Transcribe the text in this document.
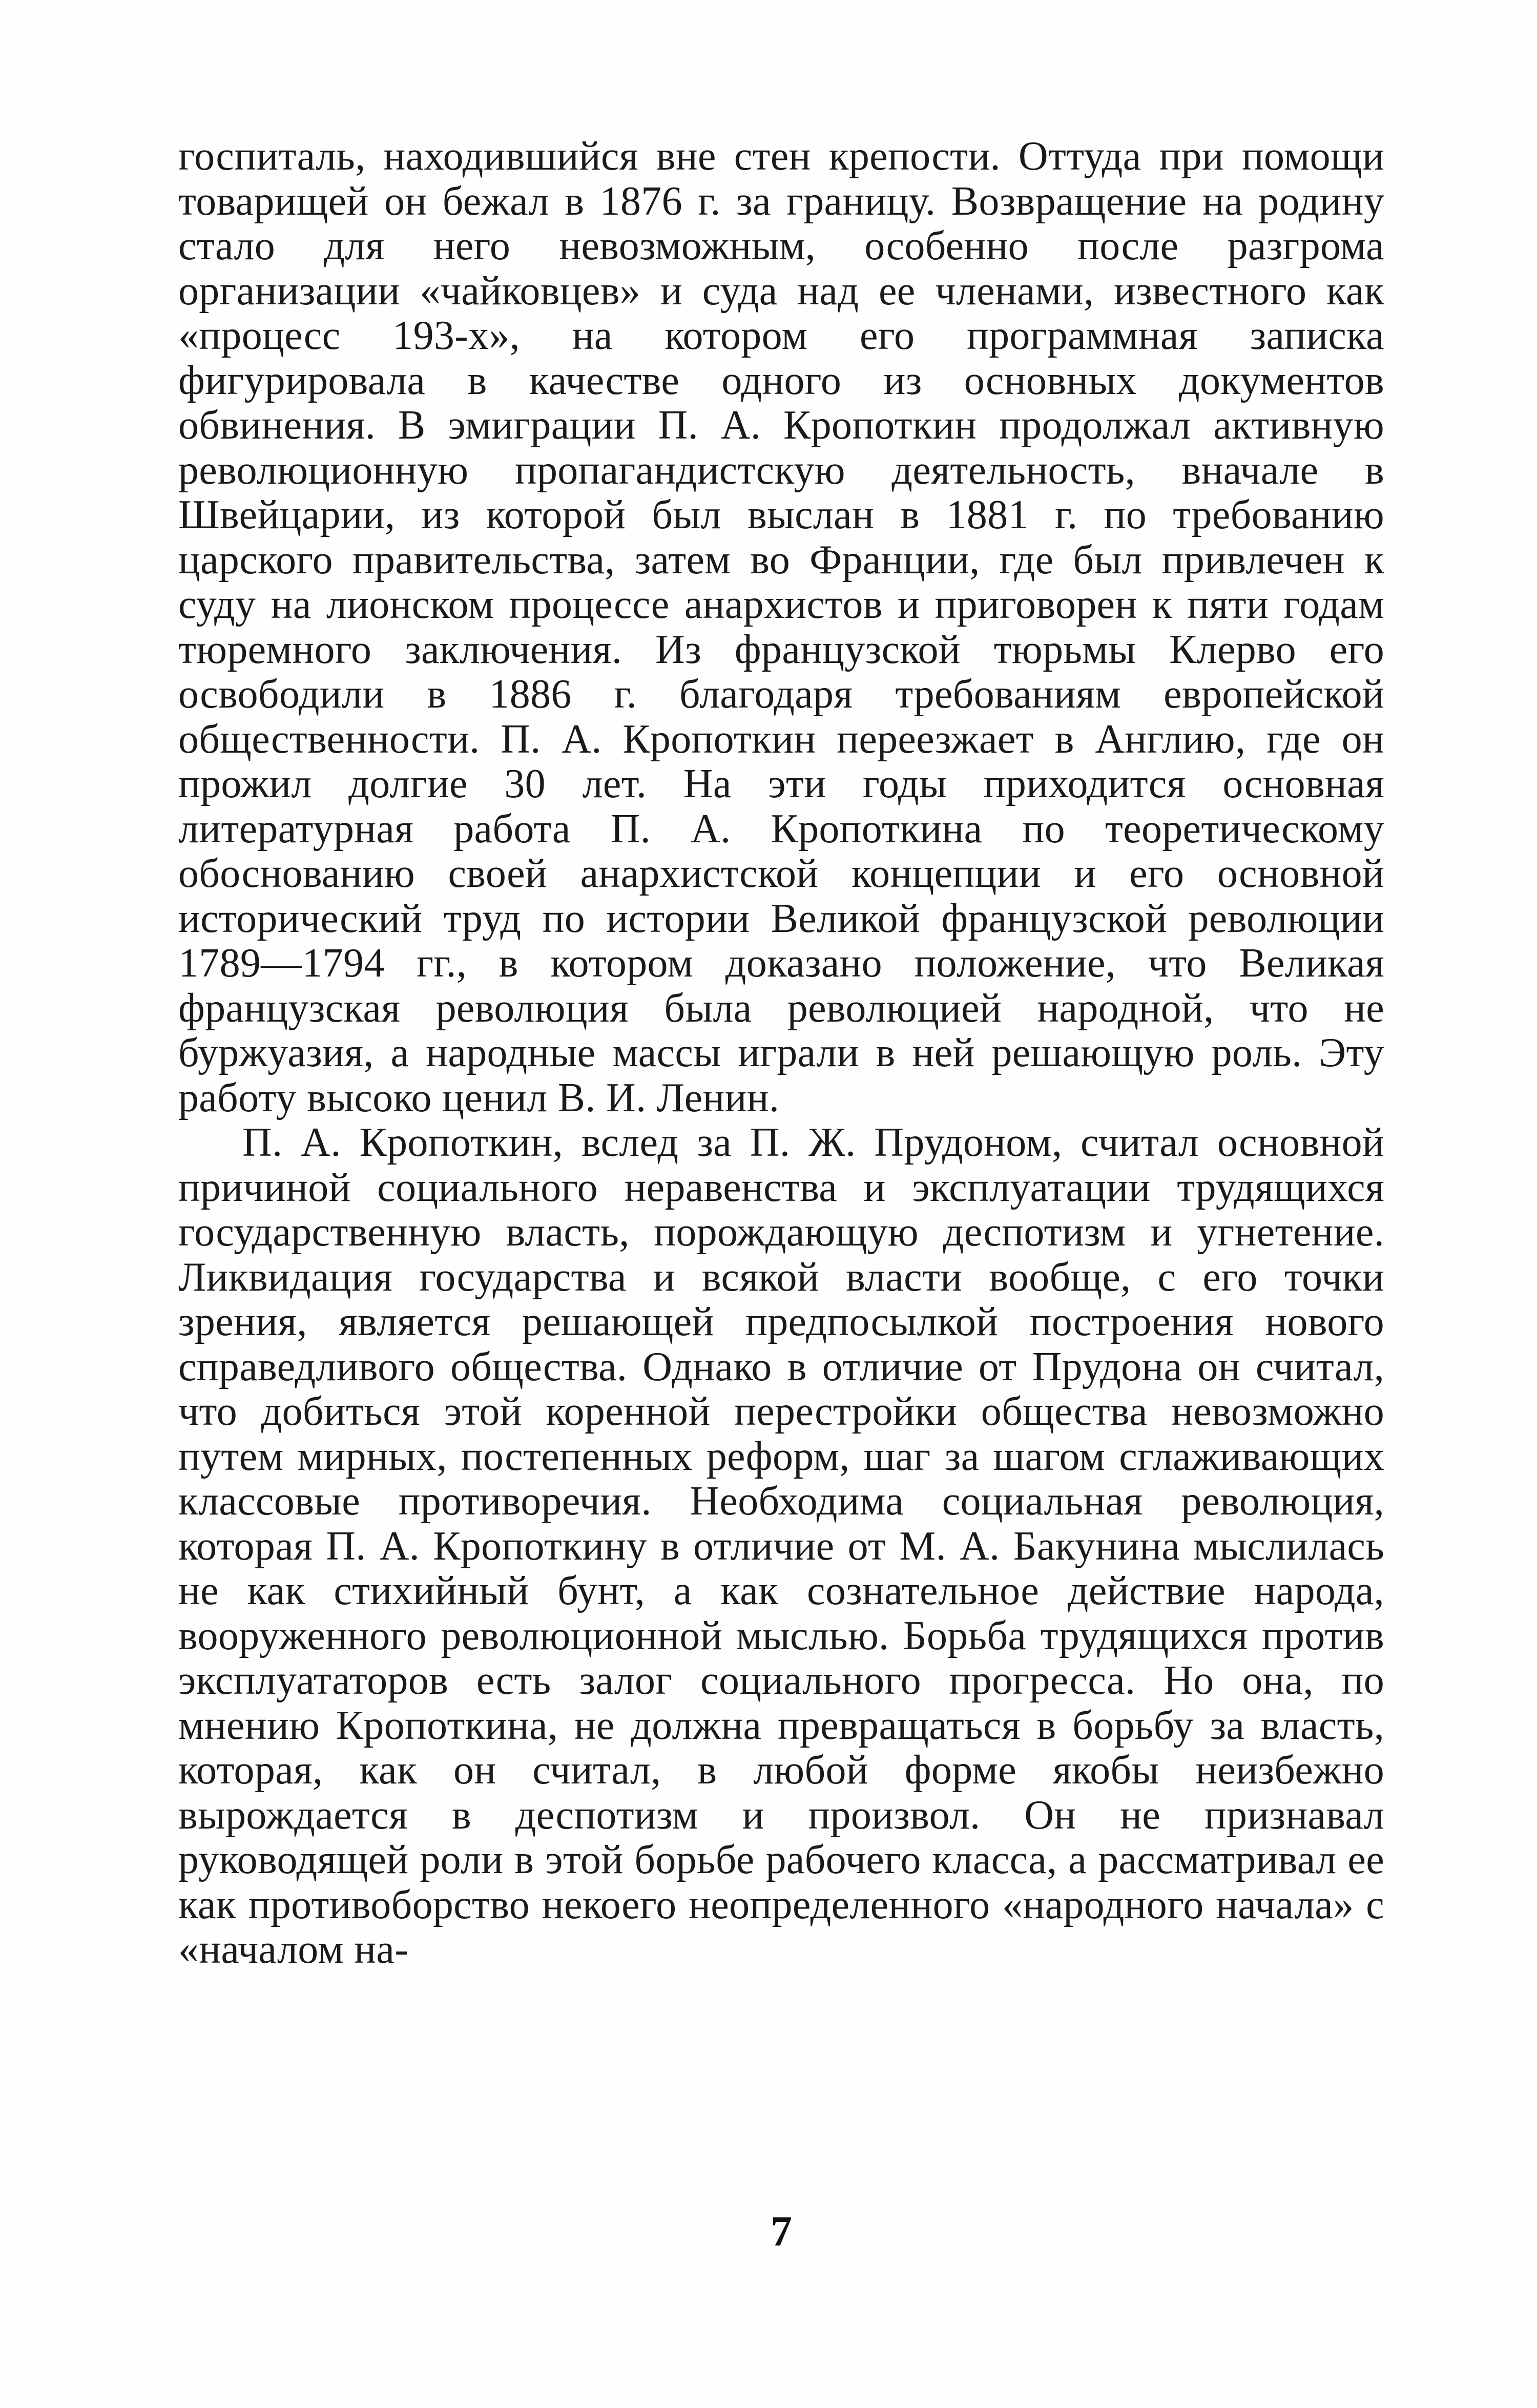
госпиталь, находившийся вне стен крепости. Оттуда при помощи товарищей он бежал в 1876 г. за границу. Возвращение на родину стало для него невозможным, особенно после разгрома организации «чайковцев» и суда над ее членами, известного как «процесс 193-х», на котором его программная записка фигурировала в качестве одного из основных документов обвинения. В эмиграции П. А. Кропоткин продолжал активную революционную пропагандистскую деятельность, вначале в Швейцарии, из которой был выслан в 1881 г. по требованию царского правительства, затем во Франции, где был привлечен к суду на лионском процессе анархистов и приговорен к пяти годам тюремного заключения. Из французской тюрьмы Клерво его освободили в 1886 г. благодаря требованиям европейской общественности. П. А. Кропоткин переезжает в Англию, где он прожил долгие 30 лет. На эти годы приходится основная литературная работа П. А. Кропоткина по теоретическому обоснованию своей анархистской концепции и его основной исторический труд по истории Великой французской революции 1789—1794 гг., в котором доказано положение, что Великая французская революция была революцией народной, что не буржуазия, а народные массы играли в ней решающую роль. Эту работу высоко ценил В. И. Ленин.

П. А. Кропоткин, вслед за П. Ж. Прудоном, считал основной причиной социального неравенства и эксплуатации трудящихся государственную власть, порождающую деспотизм и угнетение. Ликвидация государства и всякой власти вообще, с его точки зрения, является решающей предпосылкой построения нового справедливого общества. Однако в отличие от Прудона он считал, что добиться этой коренной перестройки общества невозможно путем мирных, постепенных реформ, шаг за шагом сглаживающих классовые противоречия. Необходима социальная революция, которая П. А. Кропоткину в отличие от М. А. Бакунина мыслилась не как стихийный бунт, а как сознательное действие народа, вооруженного революционной мыслью. Борьба трудящихся против эксплуататоров есть залог социального прогресса. Но она, по мнению Кропоткина, не должна превращаться в борьбу за власть, которая, как он считал, в любой форме якобы неизбежно вырождается в деспотизм и произвол. Он не признавал руководящей роли в этой борьбе рабочего класса, а рассматривал ее как противоборство некоего неопределенного «народного начала» с «началом на-

7
